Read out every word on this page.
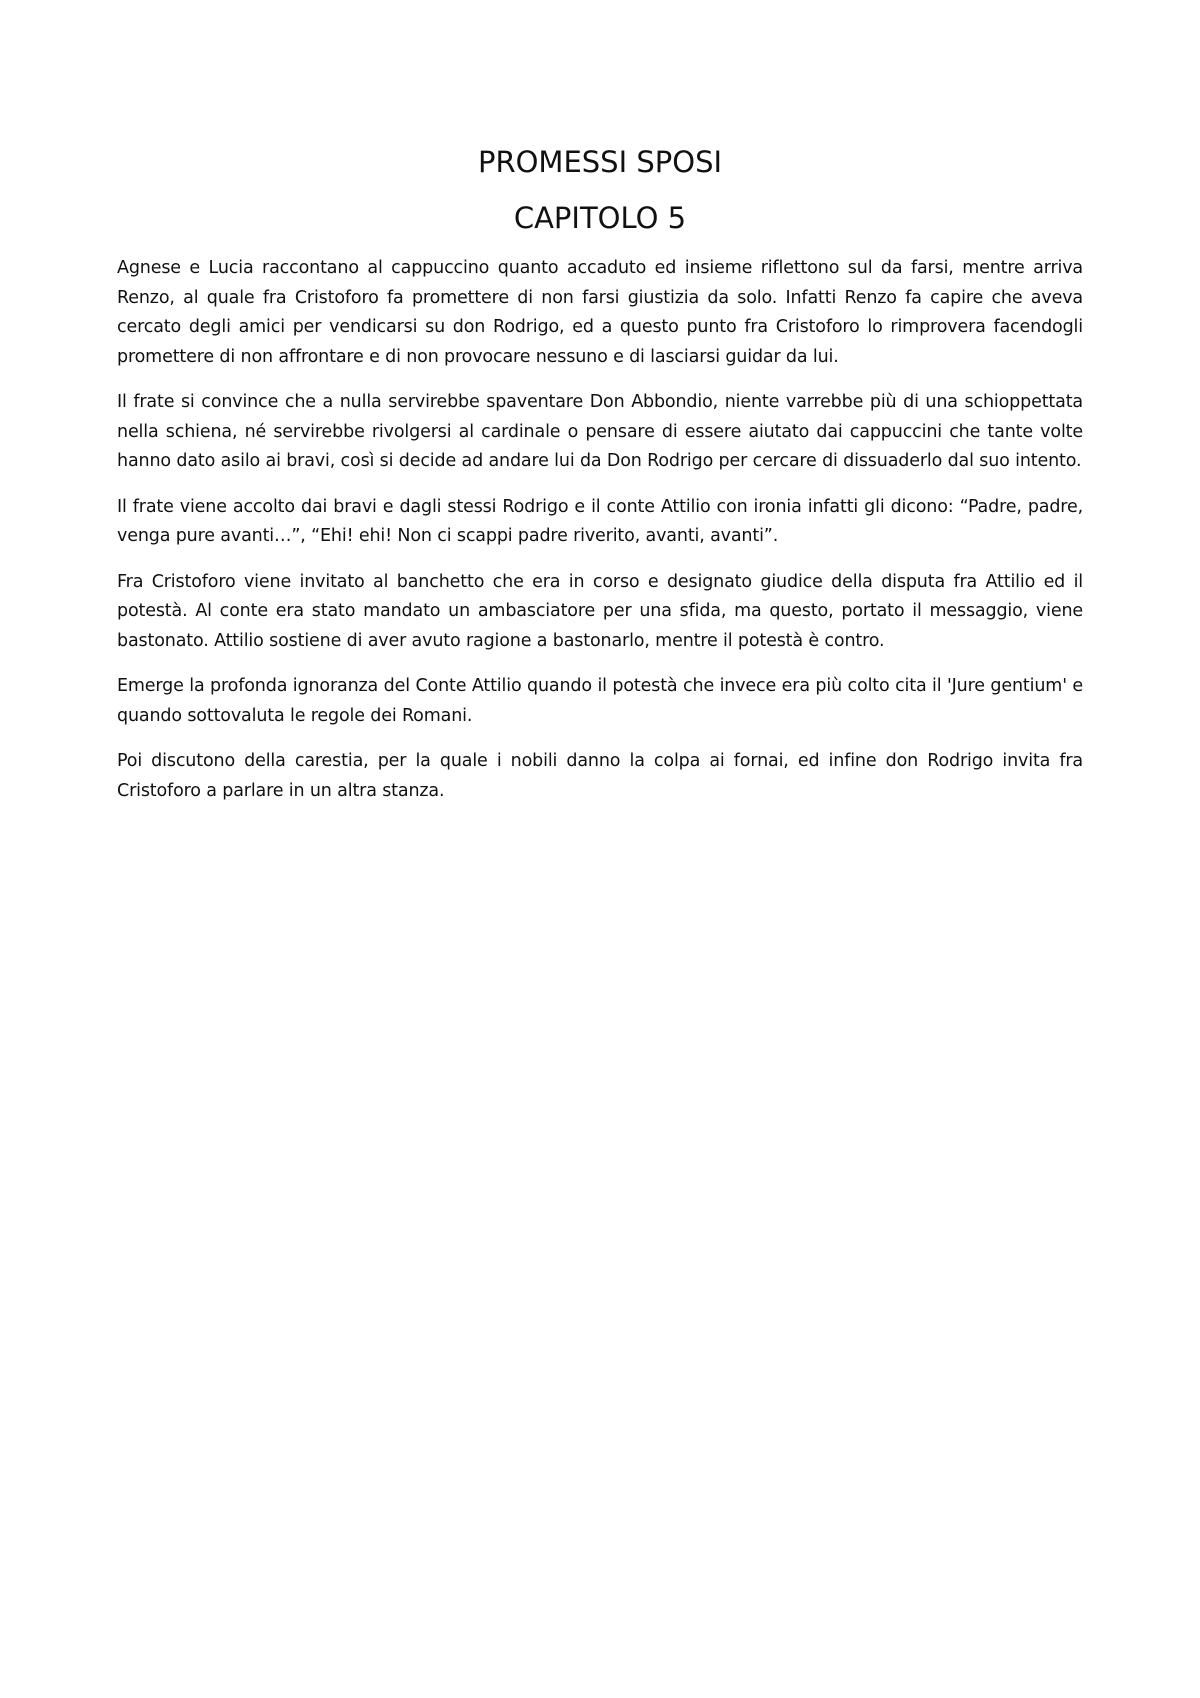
PROMESSI SPOSI
CAPITOLO 5

Agnese e Lucia raccontano al cappuccino quanto accaduto ed insieme riflettono sul da farsi, mentre arriva Renzo, al quale fra Cristoforo fa promettere di non farsi giustizia da solo. Infatti Renzo fa capire che aveva cercato degli amici per vendicarsi su don Rodrigo, ed a questo punto fra Cristoforo lo rimprovera facendogli promettere di non affrontare e di non provocare nessuno e di lasciarsi guidar da lui.

Il frate si convince che a nulla servirebbe spaventare Don Abbondio, niente varrebbe più di una schioppettata nella schiena, né servirebbe rivolgersi al cardinale o pensare di essere aiutato dai cappuccini che tante volte hanno dato asilo ai bravi, così si decide ad andare lui da Don Rodrigo per cercare di dissuaderlo dal suo intento.

Il frate viene accolto dai bravi e dagli stessi Rodrigo e il conte Attilio con ironia infatti gli dicono: “Padre, padre, venga pure avanti…”, “Ehi! ehi! Non ci scappi padre riverito, avanti, avanti”.

Fra Cristoforo viene invitato al banchetto che era in corso e designato giudice della disputa fra Attilio ed il potestà. Al conte era stato mandato un ambasciatore per una sfida, ma questo, portato il messaggio, viene bastonato. Attilio sostiene di aver avuto ragione a bastonarlo, mentre il potestà è contro.

Emerge la profonda ignoranza del Conte Attilio quando il potestà che invece era più colto cita il 'Jure gentium' e quando sottovaluta le regole dei Romani.

Poi discutono della carestia, per la quale i nobili danno la colpa ai fornai, ed infine don Rodrigo invita fra Cristoforo a parlare in un altra stanza.
